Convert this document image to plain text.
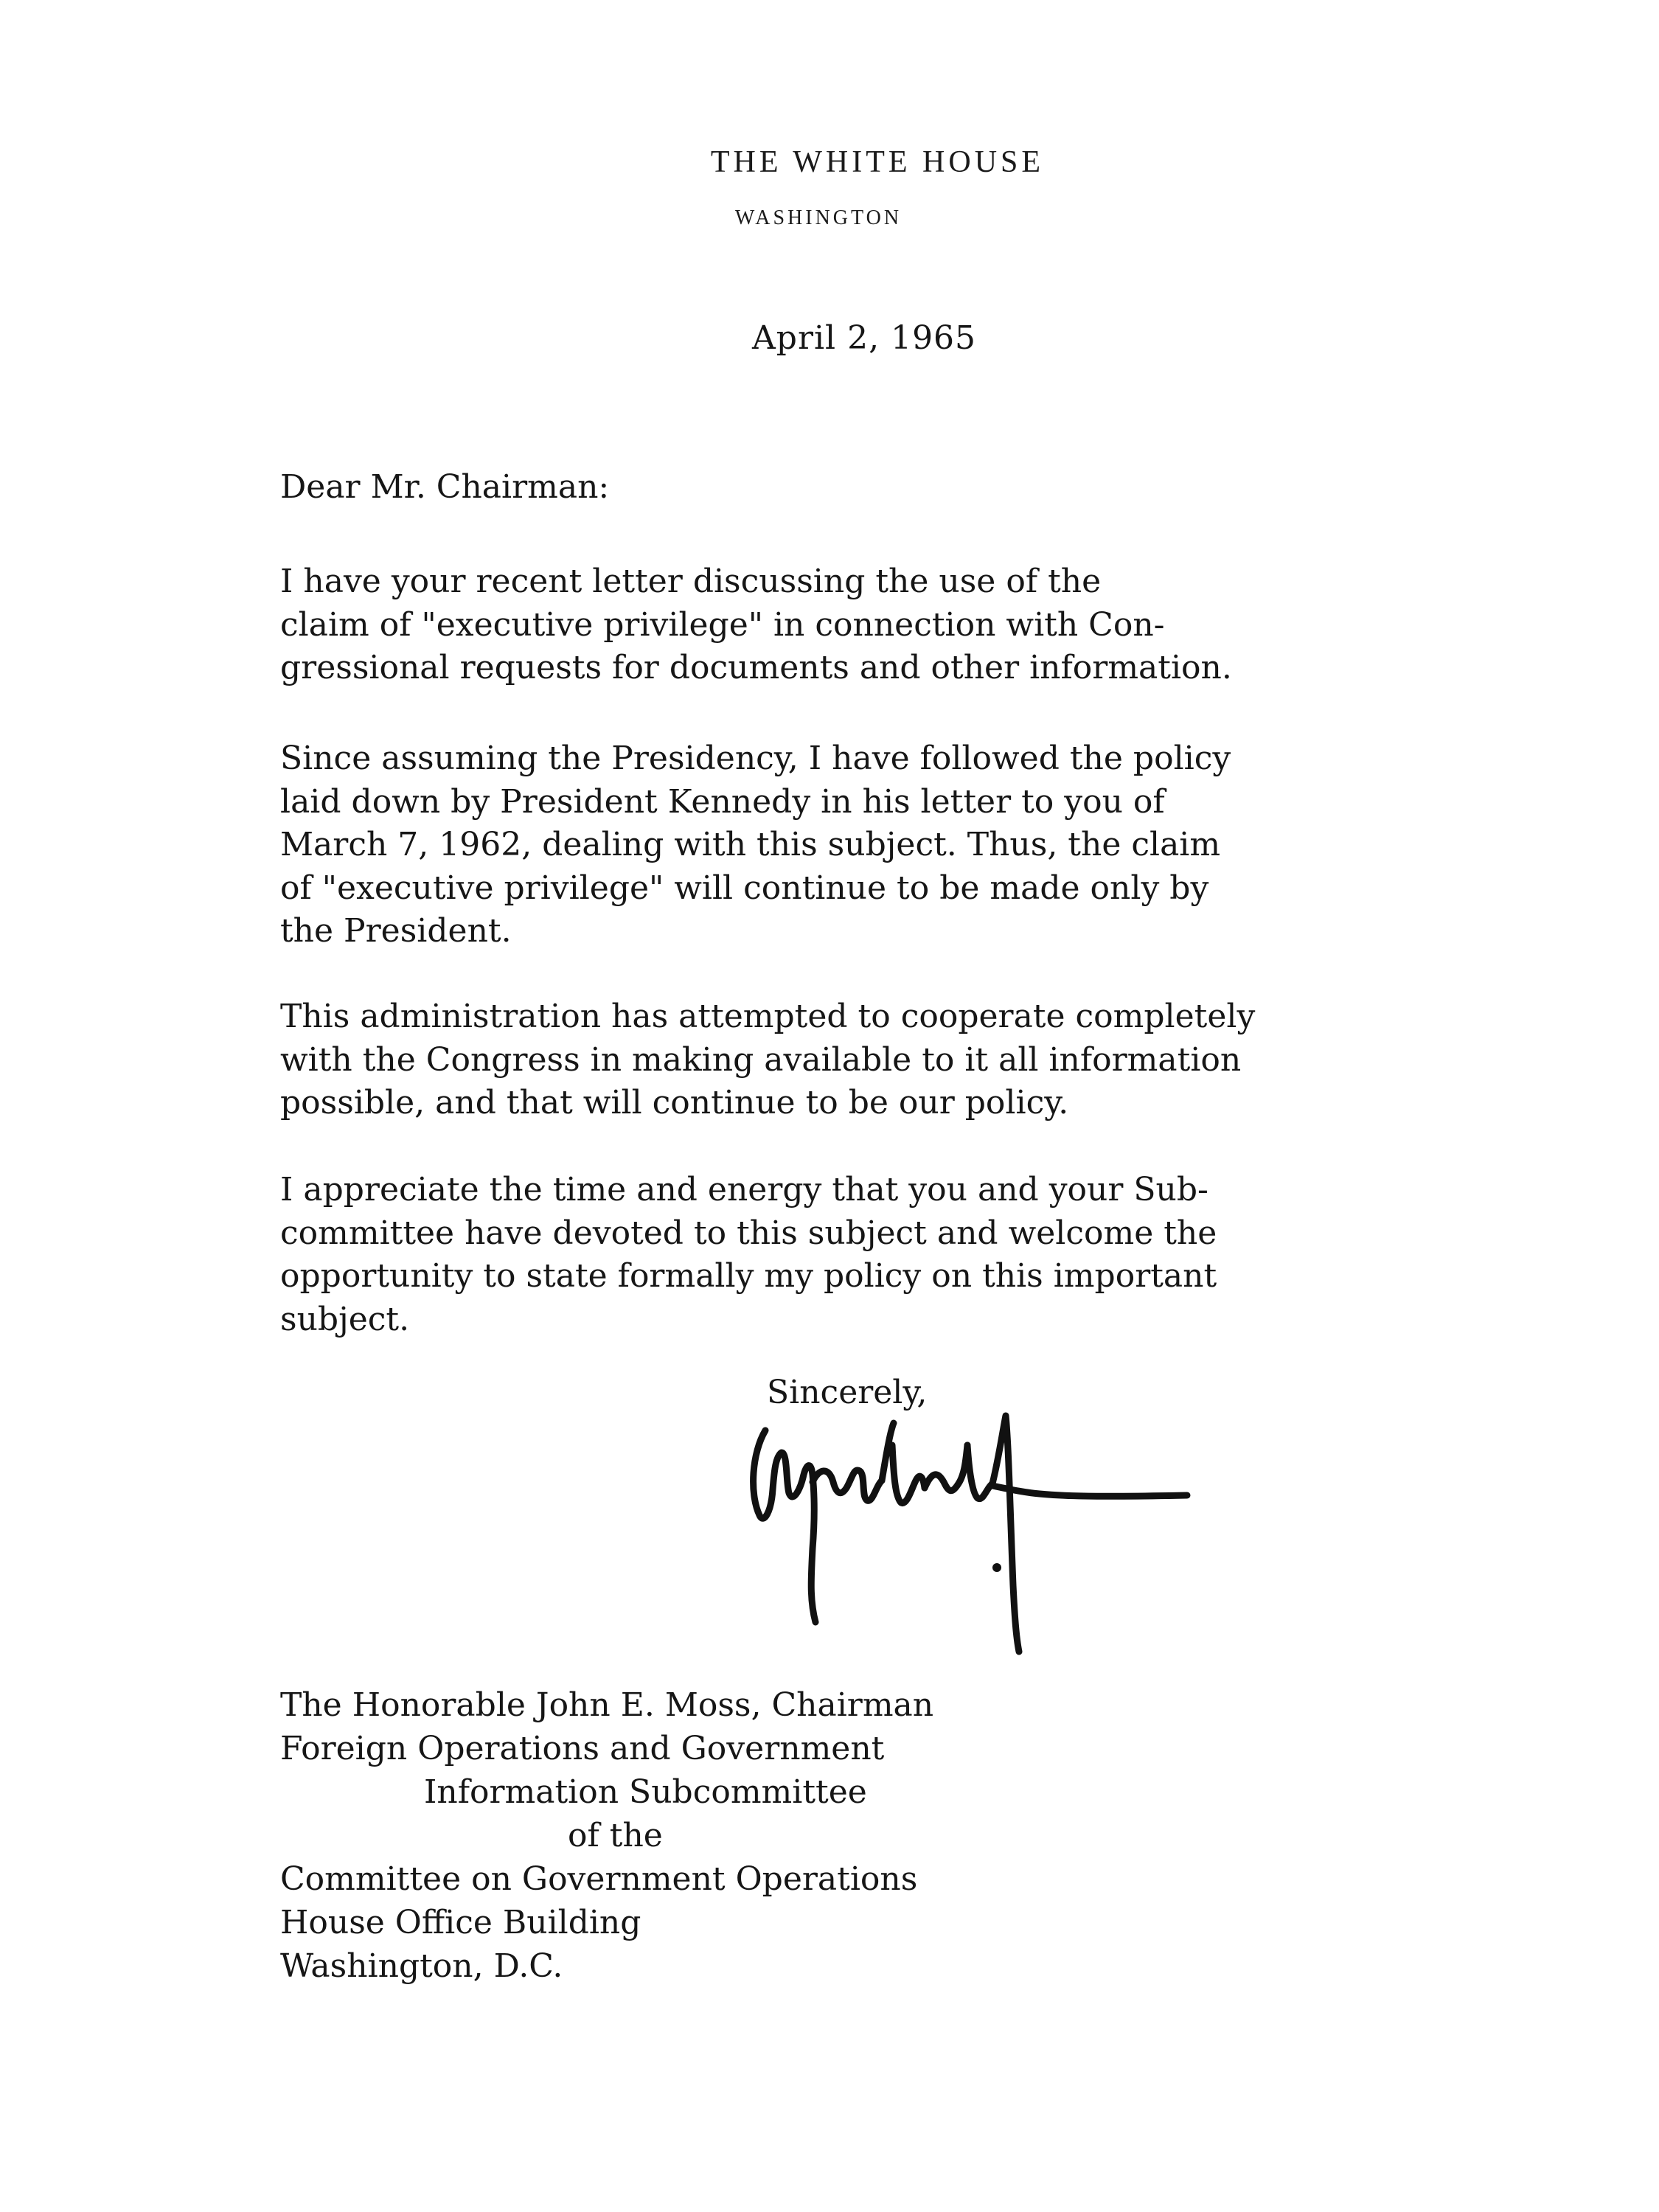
THE WHITE HOUSE
WASHINGTON
April 2, 1965
Dear Mr. Chairman:
I have your recent letter discussing the use of the
claim of "executive privilege" in connection with Con-
gressional requests for documents and other information.
Since assuming the Presidency, I have followed the policy
laid down by President Kennedy in his letter to you of
March 7, 1962, dealing with this subject. Thus, the claim
of "executive privilege" will continue to be made only by
the President.
This administration has attempted to cooperate completely
with the Congress in making available to it all information
possible, and that will continue to be our policy.
I appreciate the time and energy that you and your Sub-
committee have devoted to this subject and welcome the
opportunity to state formally my policy on this important
subject.
Sincerely,
The Honorable John E. Moss, Chairman
Foreign Operations and Government
Information Subcommittee
of the
Committee on Government Operations
House Office Building
Washington, D.C.
